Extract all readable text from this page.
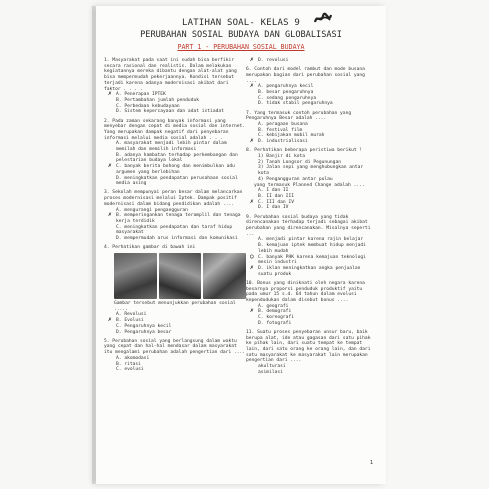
LATIHAN SOAL- KELAS 9
PERUBAHAN SOSIAL BUDAYA DAN GLOBALISASI
PART 1 - PERUBAHAN SOSIAL BUDAYA

1. Masyarakat pada saat ini sudah bisa berfikir secara rasional dan realistis. Dalam melakukan kegiatannya mereka dibantu dengan alat-alat yang bisa mempermudah pekerjaannya. Kondisi tersebut terjadi karena adanya modernisasi akibat dari faktor . . . .

✗ A. Penerapan IPTEK
B. Pertambahan jumlah penduduk
C. Perbedaan kebudayaan
D. Sistem kepercayaan dan adat istiadat

2. Pada zaman sekarang banyak informasi yang menyebar dengan cepat di media sosial dan internet. Yang merupakan dampak negatif dari penyebaran informasi melalui media sosial adalah . . .

A. masyarakat menjadi lebih pintar dalam memilah dan memilih informasi
B. adanya hambatan terhadap perkembangan dan pelestarian budaya lokal
✗ C. banyak berita bohong dan menimbulkan adu argumen yang berlebihan
D. meningkatkan pendapatan perusahaan sosial media asing

3. Sekolah mempunyai peran besar dalam melancarkan proses modernisasi melalui Iptek. Dampak positif modernisasi dalam bidang pendidikan adalah ....

A. mengurangi pengangguran
✗ B. memperingankan tenaga teramplil dan tenaga kerja terdidik
C. meningkatkan pendapatan dan taraf hidup masyarakat
D. mempermudah arus informasi dan komunikasi

4. Perhatikan gambar di bawah ini

Gambar tersebut menunjukkan perubahan sosial .....

A. Revolusi
✗ B. Evolusi
C. Pengaruhnya kecil
D. Pengaruhnya besar

5. Perubahan sosial yang berlangsung dalam waktu yang cepat dan hal-hal mendasar dalam masyarakat itu mengalami perubahan adalah pengertian dari ....

A. akomodasi
B. ritasi
C. evolusi
✗ D. revolusi

6. Contoh dari model rambut dan mode busana merupakan bagian dari perubahan sosial yang ....

✗ A. pengaruhnya kecil
B. besar pengaruhnya
C. sedang pengaruhnya
D. tidak stabil pengaruhnya

7. Yang termasuk contoh perubahan yang Pengaruhnya Besar adalah ....

A. peragaan busana
B. festival film
C. kebijakan mobil murah
✗ D. industrialisasi

8. Perhatikan beberapa peristiwa berikut !

1) Banjir di kota
2) Tanah Longsor di Pegunungan
3) Jalan sepi yang menghubungkan antar kota
4) Pengangguran antar pulau

yang termasuk Planned Change adalah ....

A. I dan II
B. II dan III
✗ C. III dan IV
D. I dan IV

9. Perubahan sosial budaya yang tidak direncanakan terhadap terjadi sebagai akibat perubahan yang direncanakan. Misalnya seperti ...

A. menjadi pintar karena rajin belajar
B. kemajuan iptek membuat hidup menjadi lebih mudah
○ C. banyak PHK karena kemajuan teknologi mesin industri
✗ D. iklan meningkatkan angka penjualan suatu produk

10. Bonus yang diniknati oleh negara karena besarnya proporsi penduduk produktif yaitu pada umur 15 s.d. 64 tahun dalam evolusi kependudukan dalam disebut bonus ....

A. geografi
✗ B. demografi
C. koreografi
D. fotografi

11. Suatu proses penyebaran unsur baru, baik berupa alat, ide atau gagasan dari satu pihak ke pihak lain, dari suatu tempat ke tempat lain, dari satu orang ke orang lain, dan dari satu masyarakat ke masyarakat lain merupakan pengertian dari ....

akulturasi
asimilasi
1
